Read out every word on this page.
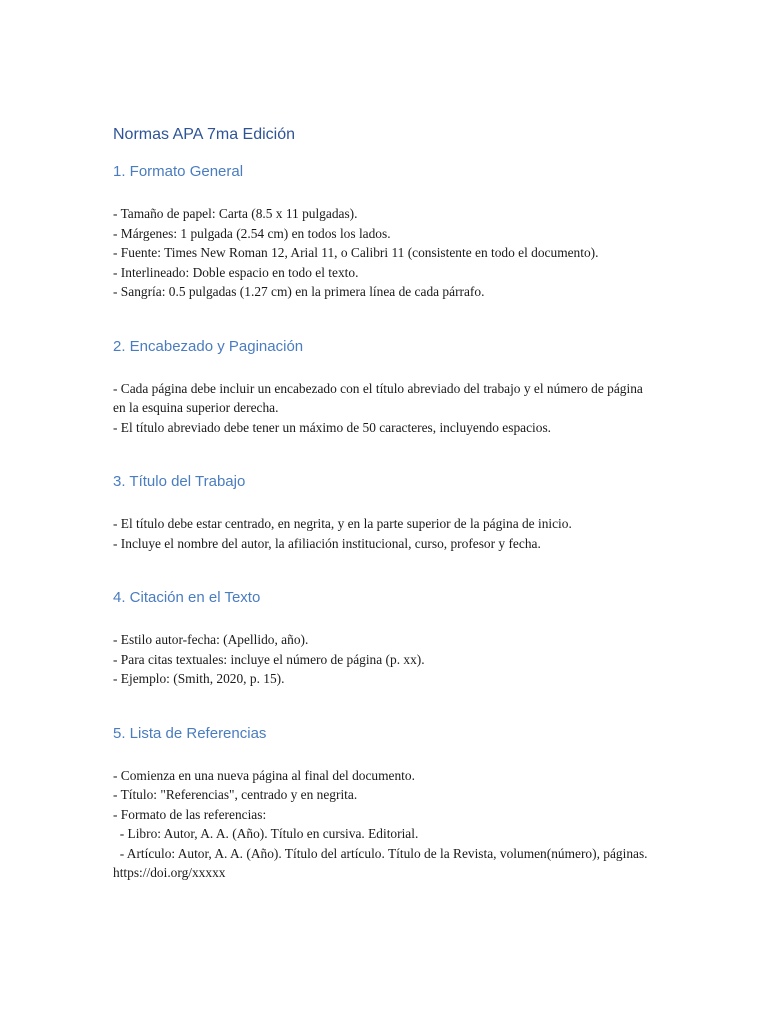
Normas APA 7ma Edición
1. Formato General
- Tamaño de papel: Carta (8.5 x 11 pulgadas).
- Márgenes: 1 pulgada (2.54 cm) en todos los lados.
- Fuente: Times New Roman 12, Arial 11, o Calibri 11 (consistente en todo el documento).
- Interlineado: Doble espacio en todo el texto.
- Sangría: 0.5 pulgadas (1.27 cm) en la primera línea de cada párrafo.
2. Encabezado y Paginación
- Cada página debe incluir un encabezado con el título abreviado del trabajo y el número de página en la esquina superior derecha.
- El título abreviado debe tener un máximo de 50 caracteres, incluyendo espacios.
3. Título del Trabajo
- El título debe estar centrado, en negrita, y en la parte superior de la página de inicio.
- Incluye el nombre del autor, la afiliación institucional, curso, profesor y fecha.
4. Citación en el Texto
- Estilo autor-fecha: (Apellido, año).
- Para citas textuales: incluye el número de página (p. xx).
- Ejemplo: (Smith, 2020, p. 15).
5. Lista de Referencias
- Comienza en una nueva página al final del documento.
- Título: "Referencias", centrado y en negrita.
- Formato de las referencias:
- Libro: Autor, A. A. (Año). Título en cursiva. Editorial.
- Artículo: Autor, A. A. (Año). Título del artículo. Título de la Revista, volumen(número), páginas. https://doi.org/xxxxx
